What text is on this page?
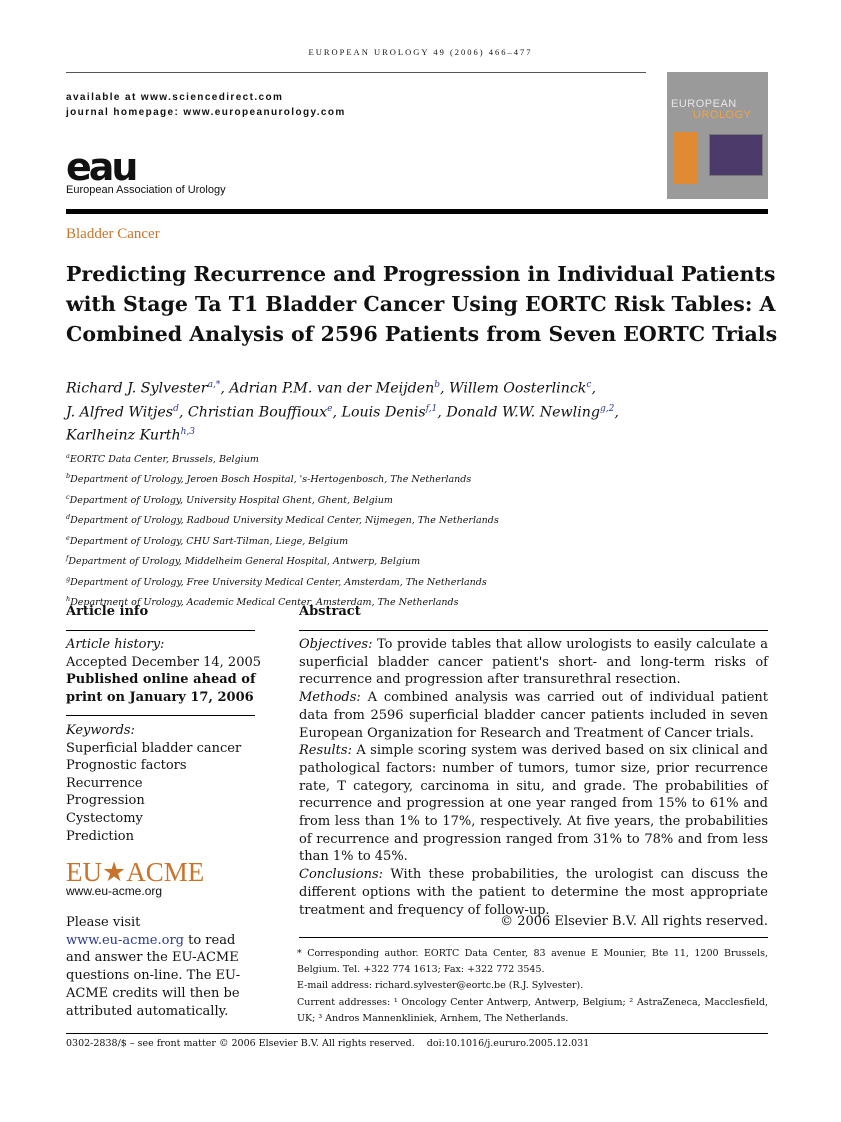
EUROPEAN UROLOGY 49 (2006) 466–477
available at www.sciencedirect.com
journal homepage: www.europeanurology.com
eau
European Association of Urology
EUROPEAN
UROLOGY
Bladder Cancer
Predicting Recurrence and Progression in Individual Patients with Stage Ta T1 Bladder Cancer Using EORTC Risk Tables: A Combined Analysis of 2596 Patients from Seven EORTC Trials
Richard J. Sylvester$^{a,*}$, Adrian P.M. van der Meijden$^b$, Willem Oosterlinck$^c$,
J. Alfred Witjes$^d$, Christian Bouffioux$^e$, Louis Denis$^{f,1}$, Donald W.W. Newling$^{g,2}$,
Karlheinz Kurth$^{h,3}$
$^a$EORTC Data Center, Brussels, Belgium
$^b$Department of Urology, Jeroen Bosch Hospital, 's-Hertogenbosch, The Netherlands
$^c$Department of Urology, University Hospital Ghent, Ghent, Belgium
$^d$Department of Urology, Radboud University Medical Center, Nijmegen, The Netherlands
$^e$Department of Urology, CHU Sart-Tilman, Liege, Belgium
$^f$Department of Urology, Middelheim General Hospital, Antwerp, Belgium
$^g$Department of Urology, Free University Medical Center, Amsterdam, The Netherlands
$^h$Department of Urology, Academic Medical Center, Amsterdam, The Netherlands
Article info	Abstract
Article history:
Accepted December 14, 2005
Published online ahead of
print on January 17, 2006
Keywords:
Superficial bladder cancer
Prognostic factors
Recurrence
Progression
Cystectomy
Prediction
EU★ACME
www.eu-acme.org
Please visit
www.eu-acme.org to read and answer the EU-ACME questions on-line. The EU-ACME credits will then be attributed automatically.

Objectives: To provide tables that allow urologists to easily calculate a superficial bladder cancer patient's short- and long-term risks of recurrence and progression after transurethral resection.

Methods: A combined analysis was carried out of individual patient data from 2596 superficial bladder cancer patients included in seven European Organization for Research and Treatment of Cancer trials.

Results: A simple scoring system was derived based on six clinical and pathological factors: number of tumors, tumor size, prior recurrence rate, T category, carcinoma in situ, and grade. The probabilities of recurrence and progression at one year ranged from 15% to 61% and from less than 1% to 17%, respectively. At five years, the probabilities of recurrence and progression ranged from 31% to 78% and from less than 1% to 45%.

Conclusions: With these probabilities, the urologist can discuss the different options with the patient to determine the most appropriate treatment and frequency of follow-up.

© 2006 Elsevier B.V. All rights reserved.
* Corresponding author. EORTC Data Center, 83 avenue E Mounier, Bte 11, 1200 Brussels, Belgium. Tel. +322 774 1613; Fax: +322 772 3545.
E-mail address: richard.sylvester@eortc.be (R.J. Sylvester).
Current addresses: ¹ Oncology Center Antwerp, Antwerp, Belgium; ² AstraZeneca, Macclesfield, UK; ³ Andros Mannenkliniek, Arnhem, The Netherlands.
0302-2838/$ – see front matter © 2006 Elsevier B.V. All rights reserved.    doi:10.1016/j.eururo.2005.12.031
